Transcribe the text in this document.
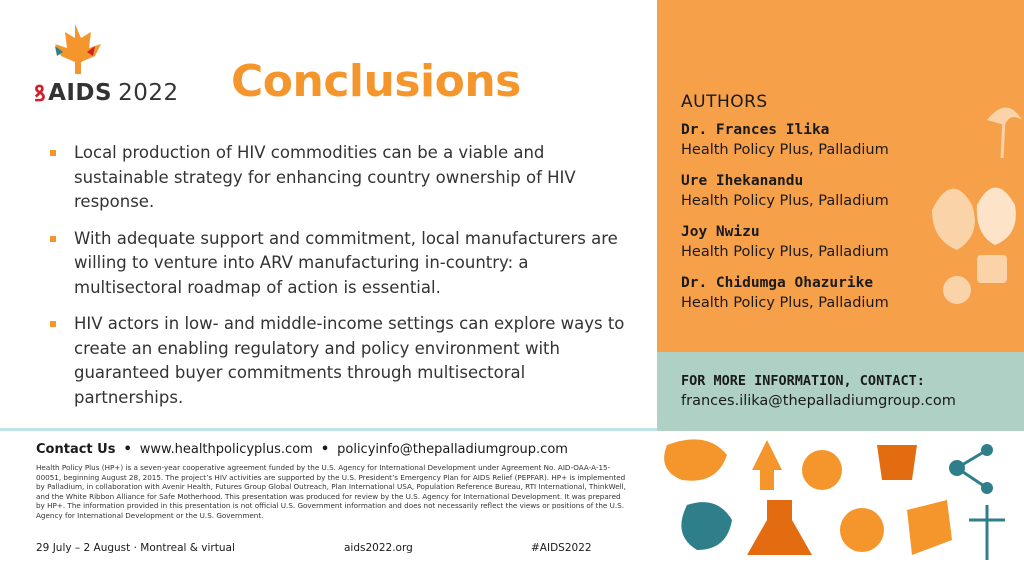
ꝸ AIDS 2022 Conclusions
Local production of HIV commodities can be a viable and sustainable strategy for enhancing country ownership of HIV response.
With adequate support and commitment, local manufacturers are willing to venture into ARV manufacturing in-country: a multisectoral roadmap of action is essential.
HIV actors in low- and middle-income settings can explore ways to create an enabling regulatory and policy environment with guaranteed buyer commitments through multisectoral partnerships.
Contact Us • www.healthpolicyplus.com • policyinfo@thepalladiumgroup.com

Health Policy Plus (HP+) is a seven-year cooperative agreement funded by the U.S. Agency for International Development under Agreement No. AID-OAA-A-15-00051, beginning August 28, 2015. The project’s HIV activities are supported by the U.S. President’s Emergency Plan for AIDS Relief (PEPFAR). HP+ is implemented by Palladium, in collaboration with Avenir Health, Futures Group Global Outreach, Plan International USA, Population Reference Bureau, RTI International, ThinkWell, and the White Ribbon Alliance for Safe Motherhood. This presentation was produced for review by the U.S. Agency for International Development. It was prepared by HP+. The information provided in this presentation is not official U.S. Government information and does not necessarily reflect the views or positions of the U.S. Agency for International Development or the U.S. Government.

29 July – 2 August · Montreal & virtual	aids2022.org	#AIDS2022
AUTHORS
Dr. Frances Ilika
Health Policy Plus, Palladium
Ure Ihekanandu
Health Policy Plus, Palladium
Joy Nwizu
Health Policy Plus, Palladium
Dr. Chidumga Ohazurike
Health Policy Plus, Palladium
FOR MORE INFORMATION, CONTACT:
frances.ilika@thepalladiumgroup.com
